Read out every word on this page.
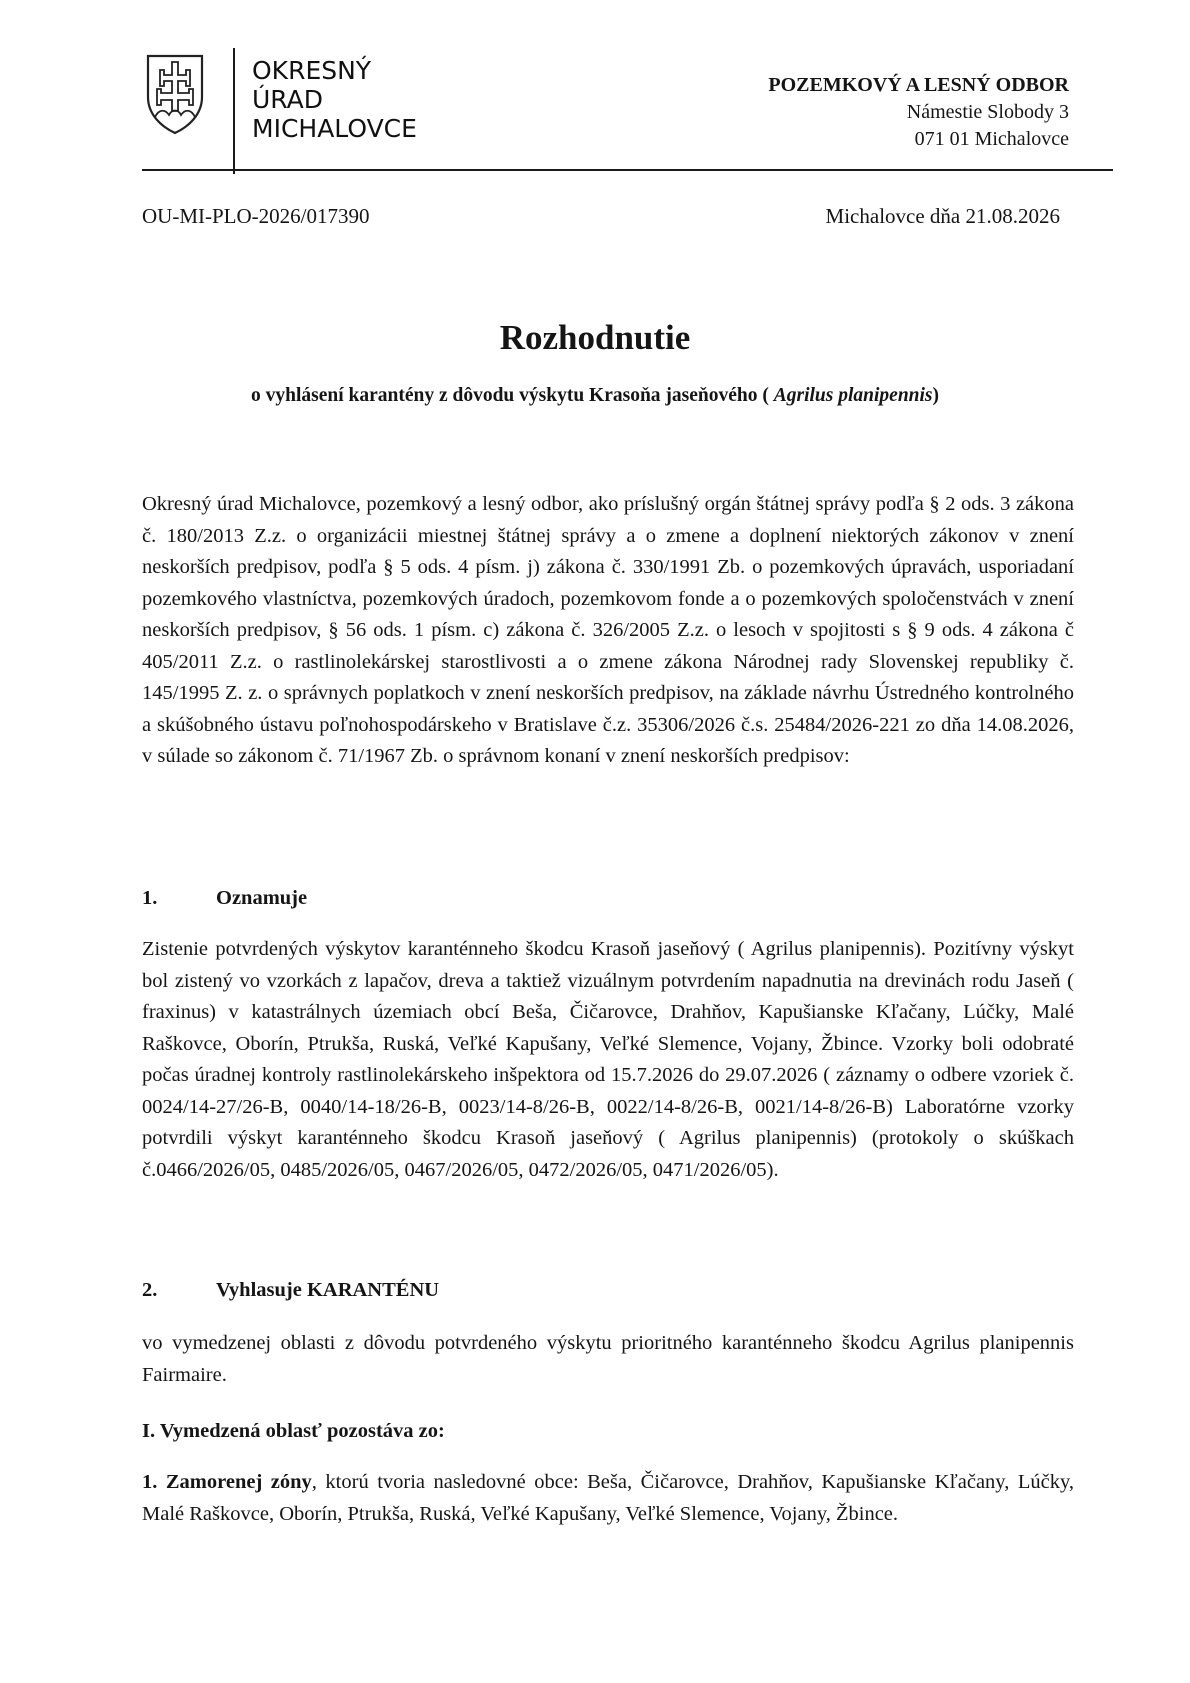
OKRESNÝ
ÚRAD
MICHALOVCE
POZEMKOVÝ A LESNÝ ODBOR
Námestie Slobody 3
071 01 Michalovce
OU-MI-PLO-2026/017390	Michalovce dňa 21.08.2026
Rozhodnutie
o vyhlásení karantény z dôvodu výskytu Krasoňa jaseňového ( Agrilus planipennis)
Okresný úrad Michalovce, pozemkový a lesný odbor, ako príslušný orgán štátnej správy podľa § 2 ods. 3 zákona č. 180/2013 Z.z. o organizácii miestnej štátnej správy a o zmene a doplnení niektorých zákonov v znení neskorších predpisov, podľa § 5 ods. 4 písm. j) zákona č. 330/1991 Zb. o pozemkových úpravách, usporiadaní pozemkového vlastníctva, pozemkových úradoch, pozemkovom fonde a o pozemkových spoločenstvách v znení neskorších predpisov, § 56 ods. 1 písm. c) zákona č. 326/2005 Z.z. o lesoch v spojitosti s § 9 ods. 4 zákona č 405/2011 Z.z. o rastlinolekárskej starostlivosti a o zmene zákona Národnej rady Slovenskej republiky č. 145/1995 Z. z. o správnych poplatkoch v znení neskorších predpisov, na základe návrhu Ústredného kontrolného a skúšobného ústavu poľnohospodárskeho v Bratislave č.z. 35306/2026 č.s. 25484/2026-221 zo dňa 14.08.2026, v súlade so zákonom č. 71/1967 Zb. o správnom konaní v znení neskorších predpisov:
1.	Oznamuje
Zistenie potvrdených výskytov karanténneho škodcu Krasoň jaseňový ( Agrilus planipennis). Pozitívny výskyt bol zistený vo vzorkách z lapačov, dreva a taktiež vizuálnym potvrdením napadnutia na drevinách rodu Jaseň ( fraxinus) v katastrálnych územiach obcí Beša, Čičarovce, Drahňov, Kapušianske Kľačany, Lúčky, Malé Raškovce, Oborín, Ptrukša, Ruská, Veľké Kapušany, Veľké Slemence, Vojany, Žbince. Vzorky boli odobraté počas úradnej kontroly rastlinolekárskeho inšpektora od 15.7.2026 do 29.07.2026 ( záznamy o odbere vzoriek č. 0024/14-27/26-B, 0040/14-18/26-B, 0023/14-8/26-B, 0022/14-8/26-B, 0021/14-8/26-B) Laboratórne vzorky potvrdili výskyt karanténneho škodcu Krasoň jaseňový ( Agrilus planipennis) (protokoly o skúškach č.0466/2026/05, 0485/2026/05, 0467/2026/05, 0472/2026/05, 0471/2026/05).
2.	Vyhlasuje KARANTÉNU
vo vymedzenej oblasti z dôvodu potvrdeného výskytu prioritného karanténneho škodcu Agrilus planipennis Fairmaire.
I. Vymedzená oblasť pozostáva zo:
1. Zamorenej zóny, ktorú tvoria nasledovné obce: Beša, Čičarovce, Drahňov, Kapušianske Kľačany, Lúčky, Malé Raškovce, Oborín, Ptrukša, Ruská, Veľké Kapušany, Veľké Slemence, Vojany, Žbince.
